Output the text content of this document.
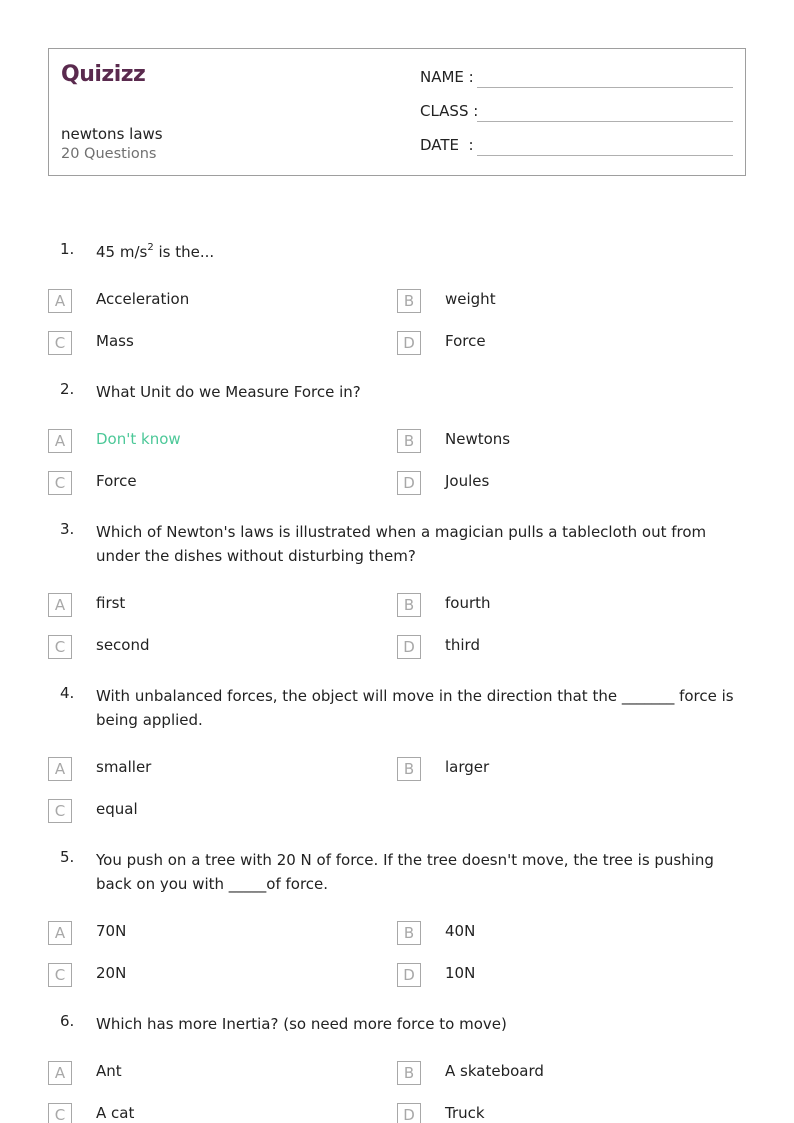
Quizizz
newtons laws
20 Questions
NAME :
CLASS :
DATE  :
1. 45 $m/s^2$ is the...
A	Acceleration	B	weight
C	Mass	D	Force
2. What Unit do we Measure Force in?
A	Don't know	B	Newtons
C	Force	D	Joules
3. Which of Newton's laws is illustrated when a magician pulls a tablecloth out from under the dishes without disturbing them?
A	first	B	fourth
C	second	D	third
4. With unbalanced forces, the object will move in the direction that the _______ force is being applied.
A	smaller	B	larger
C	equal
5. You push on a tree with 20 N of force. If the tree doesn't move, the tree is pushing back on you with _____of force.
A	70N	B	40N
C	20N	D	10N
6. Which has more Inertia? (so need more force to move)
A	Ant	B	A skateboard
C	A cat	D	Truck
